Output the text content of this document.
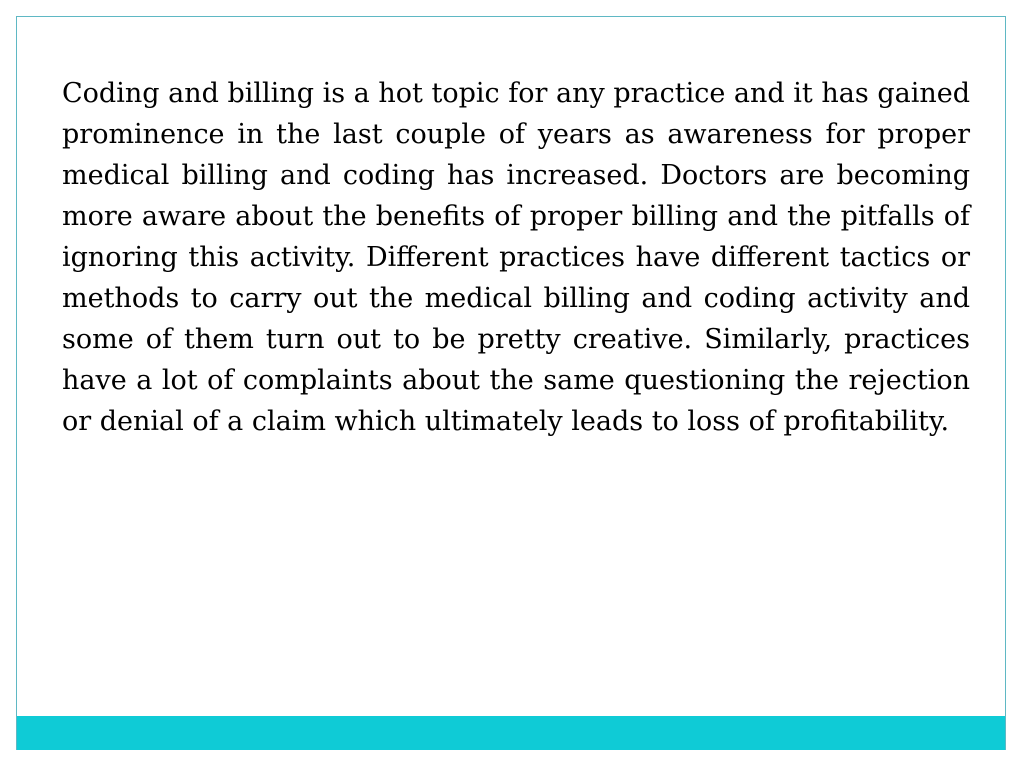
Coding and billing is a hot topic for any practice and it has gained prominence in the last couple of years as awareness for proper medical billing and coding has increased. Doctors are becoming more aware about the benefits of proper billing and the pitfalls of ignoring this activity. Different practices have different tactics or methods to carry out the medical billing and coding activity and some of them turn out to be pretty creative. Similarly, practices have a lot of complaints about the same questioning the rejection or denial of a claim which ultimately leads to loss of profitability.
